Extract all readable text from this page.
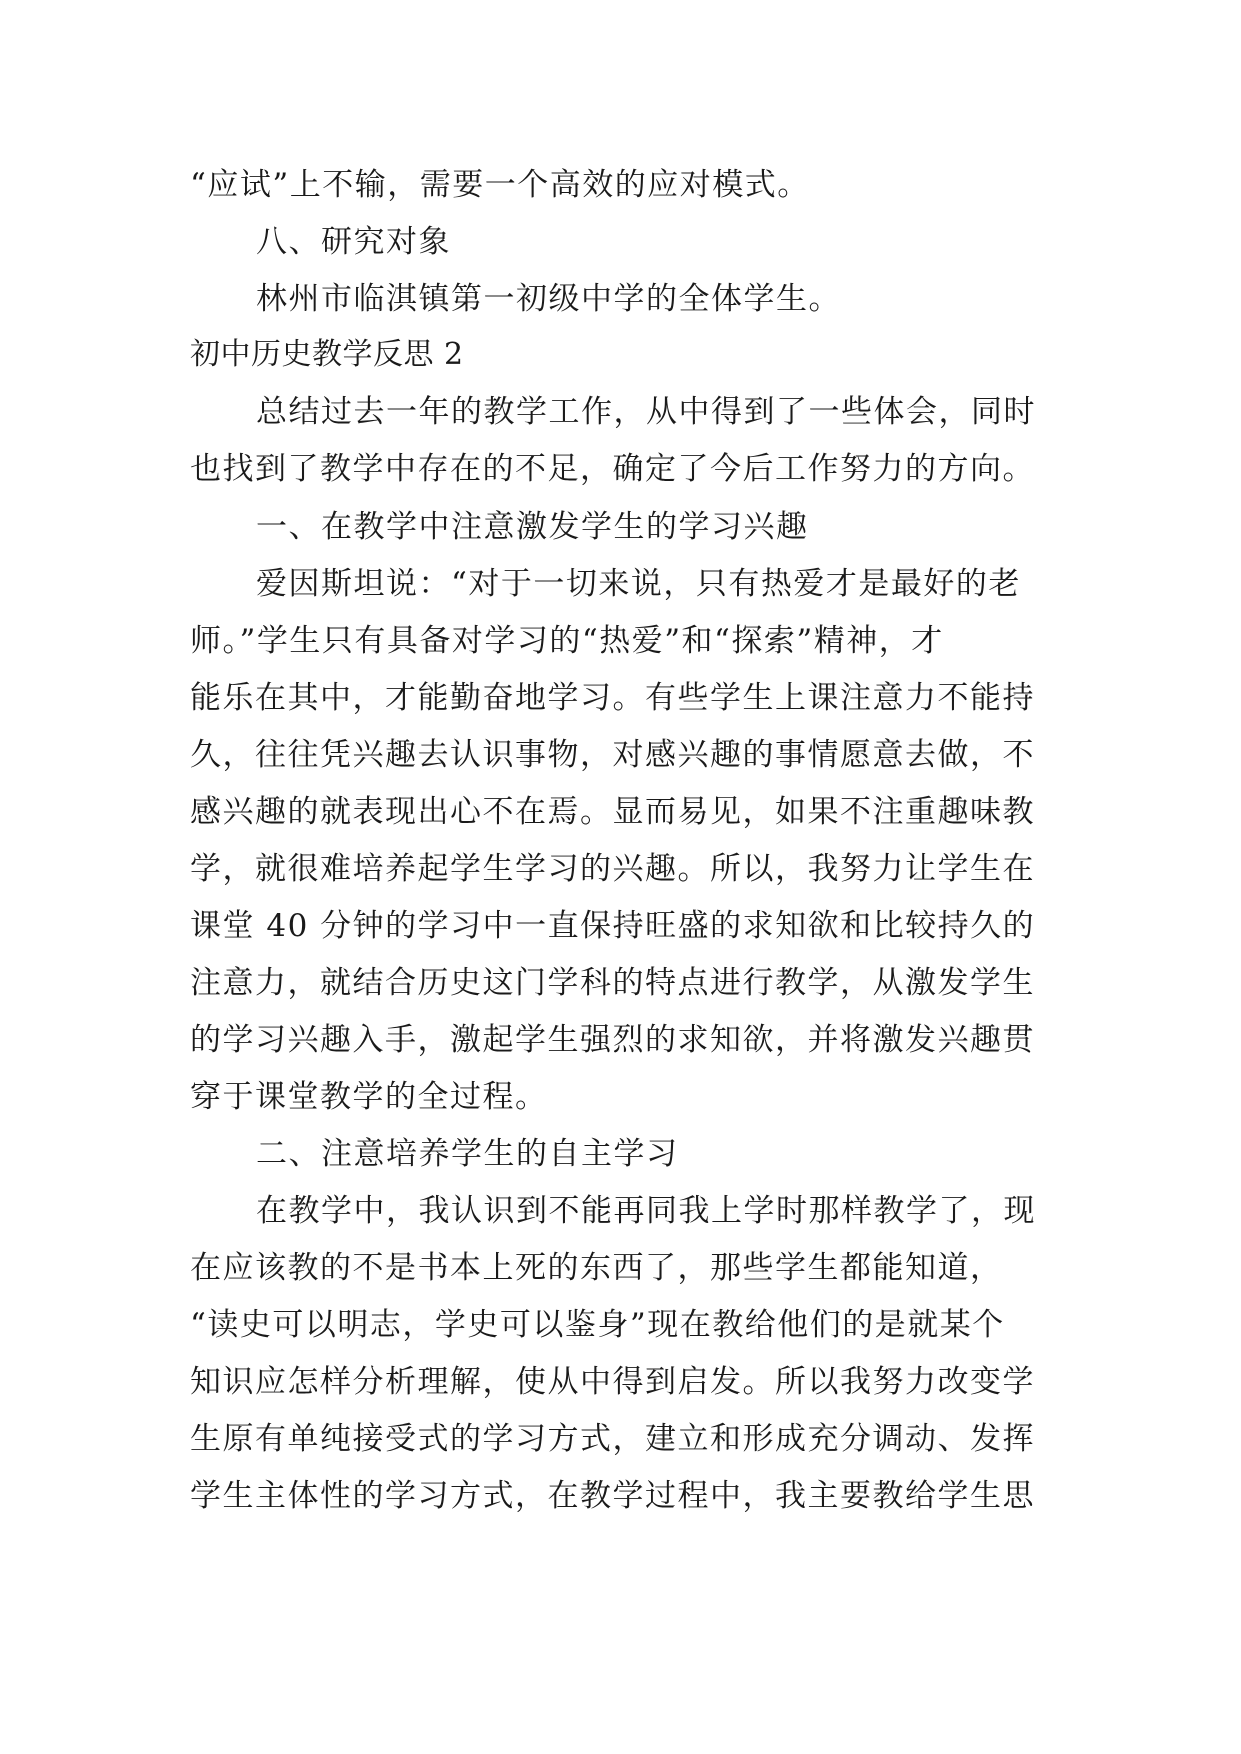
“应试”上不输，需要一个高效的应对模式。
八、研究对象
林州市临淇镇第一初级中学的全体学生。
初中历史教学反思 2
总结过去一年的教学工作，从中得到了一些体会，同时
也找到了教学中存在的不足，确定了今后工作努力的方向。
一、在教学中注意激发学生的学习兴趣
爱因斯坦说：“对于一切来说，只有热爱才是最好的老
师。”学生只有具备对学习的“热爱”和“探索”精神，才
能乐在其中，才能勤奋地学习。有些学生上课注意力不能持
久，往往凭兴趣去认识事物，对感兴趣的事情愿意去做，不
感兴趣的就表现出心不在焉。显而易见，如果不注重趣味教
学，就很难培养起学生学习的兴趣。所以，我努力让学生在
课堂 40 分钟的学习中一直保持旺盛的求知欲和比较持久的
注意力，就结合历史这门学科的特点进行教学，从激发学生
的学习兴趣入手，激起学生强烈的求知欲，并将激发兴趣贯
穿于课堂教学的全过程。
二、注意培养学生的自主学习
在教学中，我认识到不能再同我上学时那样教学了，现
在应该教的不是书本上死的东西了，那些学生都能知道，
“读史可以明志，学史可以鉴身”现在教给他们的是就某个
知识应怎样分析理解，使从中得到启发。所以我努力改变学
生原有单纯接受式的学习方式，建立和形成充分调动、发挥
学生主体性的学习方式，在教学过程中，我主要教给学生思
